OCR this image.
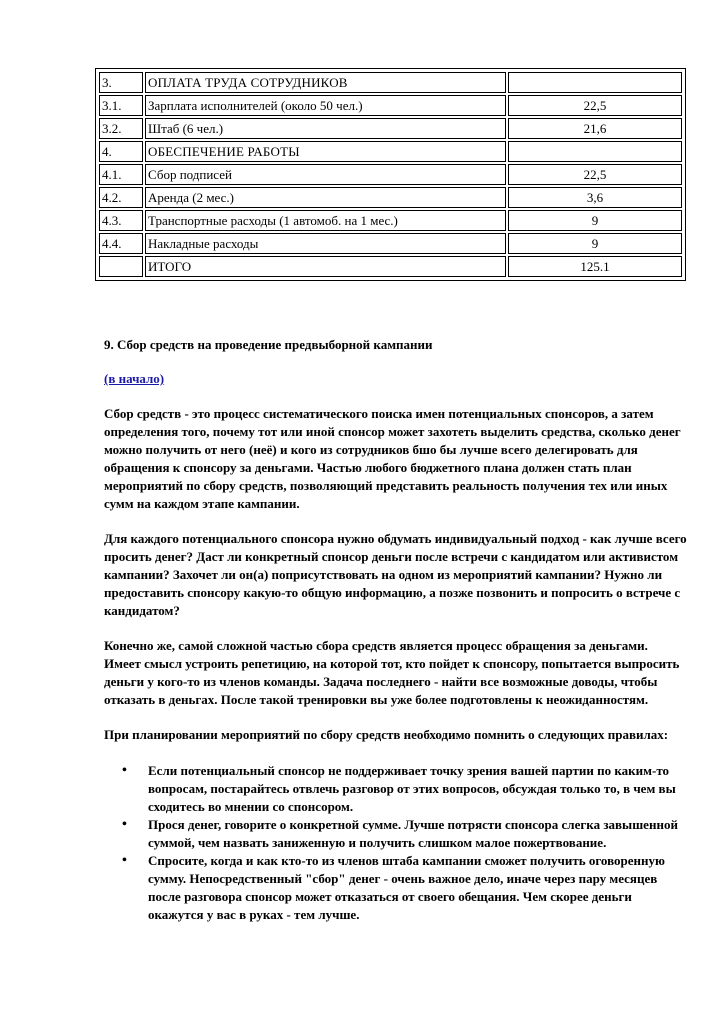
3.	ОПЛАТА ТРУДА СОТРУДНИКОВ	
3.1.	Зарплата исполнителей (около 50 чел.)	22,5
3.2.	Штаб (6 чел.)	21,6
4.	ОБЕСПЕЧЕНИЕ РАБОТЫ	
4.1.	Сбор подписей	22,5
4.2.	Аренда (2 мес.)	3,6
4.3.	Транспортные расходы (1 автомоб. на 1 мес.)	9
4.4.	Накладные расходы	9
	ИТОГО	125.1

9. Сбор средств на проведение предвыборной кампании

(в начало)

Сбор средств - это процесс систематического поиска имен потенциальных спонсоров, а затем определения того, почему тот или иной спонсор может захотеть выделить средства, сколько денег можно получить от него (неё) и кого из сотрудников бшо бы лучше всего делегировать для обращения к спонсору за деньгами. Частью любого бюджетного плана должен стать план мероприятий по сбору средств, позволяющий представить реальность получения тех или иных сумм на каждом этапе кампании.

Для каждого потенциального спонсора нужно обдумать индивидуальный подход - как лучше всего просить денег? Даст ли конкретный спонсор деньги после встречи с кандидатом или активистом кампании? Захочет ли он(а) поприсутствовать на одном из мероприятий кампании? Нужно ли предоставить спонсору какую-то общую информацию, а позже позвонить и попросить о встрече с кандидатом?

Конечно же, самой сложной частью сбора средств является процесс обращения за деньгами. Имеет смысл устроить репетицию, на которой тот, кто пойдет к спонсору, попытается выпросить деньги у кого-то из членов команды. Задача последнего - найти все возможные доводы, чтобы отказать в деньгах. После такой тренировки вы уже более подготовлены к неожиданностям.

При планировании мероприятий по сбору средств необходимо помнить о следующих правилах:

• Если потенциальный спонсор не поддерживает точку зрения вашей партии по каким-то вопросам, постарайтесь отвлечь разговор от этих вопросов, обсуждая только то, в чем вы сходитесь во мнении со спонсором.
• Прося денег, говорите о конкретной сумме. Лучше потрясти спонсора слегка завышенной суммой, чем назвать заниженную и получить слишком малое пожертвование.
• Спросите, когда и как кто-то из членов штаба кампании сможет получить оговоренную сумму. Непосредственный "сбор" денег - очень важное дело, иначе через пару месяцев после разговора спонсор может отказаться от своего обещания. Чем скорее деньги окажутся у вас в руках - тем лучше.
